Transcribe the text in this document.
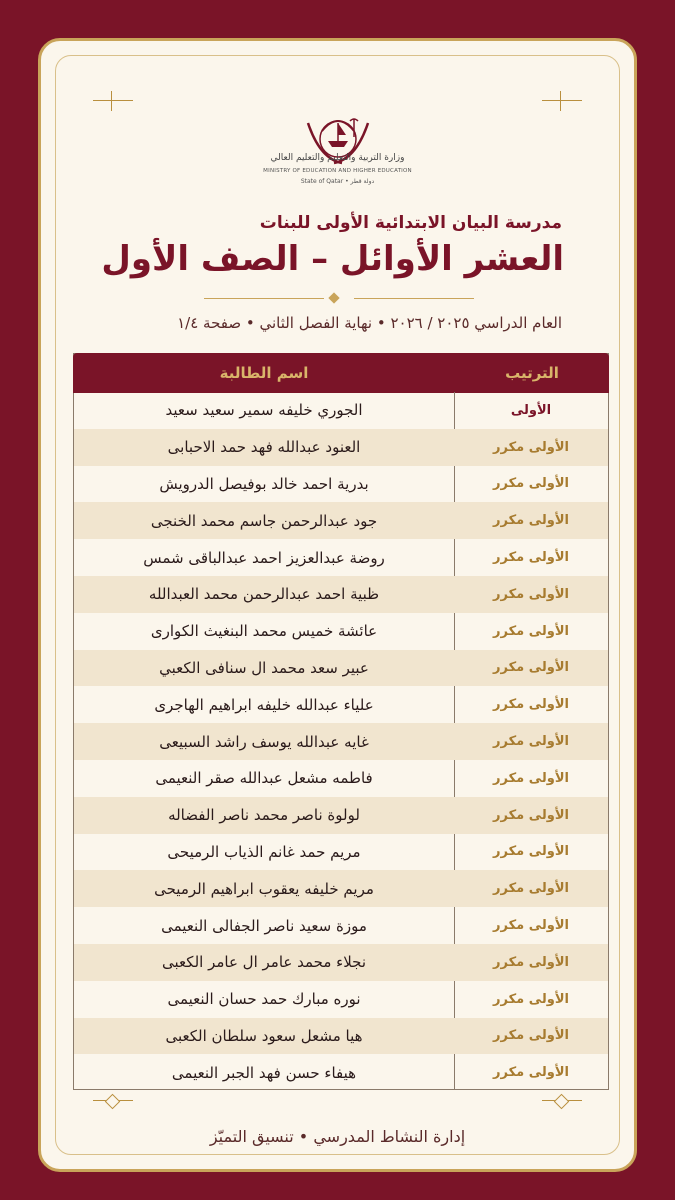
وزارة التربية والتعليم والتعليم العالي
MINISTRY OF EDUCATION AND HIGHER EDUCATION
State of Qatar • دولة قطر
مدرسة البيان الابتدائية الأولى للبنات
العشر الأوائل – الصف الأول
العام الدراسي ٢٠٢٥ / ٢٠٢٦ • نهاية الفصل الثاني • صفحة ١/٤
الترتيب
اسم الطالبة
الأولى
الجوري خليفه سمير سعيد سعيد
الأولى مكرر
العنود عبدالله فهد حمد الاحبابى
الأولى مكرر
بدرية احمد خالد بوفيصل الدرويش
الأولى مكرر
جود عبدالرحمن جاسم محمد الخنجى
الأولى مكرر
روضة عبدالعزيز احمد عبدالباقى شمس
الأولى مكرر
ظبية احمد عبدالرحمن محمد العبدالله
الأولى مكرر
عائشة خميس محمد البنغيث الكوارى
الأولى مكرر
عبير سعد محمد ال سنافى الكعبي
الأولى مكرر
علياء عبدالله خليفه ابراهيم الهاجرى
الأولى مكرر
غايه عبدالله يوسف راشد السبيعى
الأولى مكرر
فاطمه مشعل عبدالله صقر النعيمى
الأولى مكرر
لولوة ناصر محمد ناصر الفضاله
الأولى مكرر
مريم حمد غانم الذياب الرميحى
الأولى مكرر
مريم خليفه يعقوب ابراهيم الرميحى
الأولى مكرر
موزة سعيد ناصر الجفالى النعيمى
الأولى مكرر
نجلاء محمد عامر ال عامر الكعبى
الأولى مكرر
نوره مبارك حمد حسان النعيمى
الأولى مكرر
هيا مشعل سعود سلطان الكعبى
الأولى مكرر
هيفاء حسن فهد الجبر النعيمى
إدارة النشاط المدرسي • تنسيق التميّز
